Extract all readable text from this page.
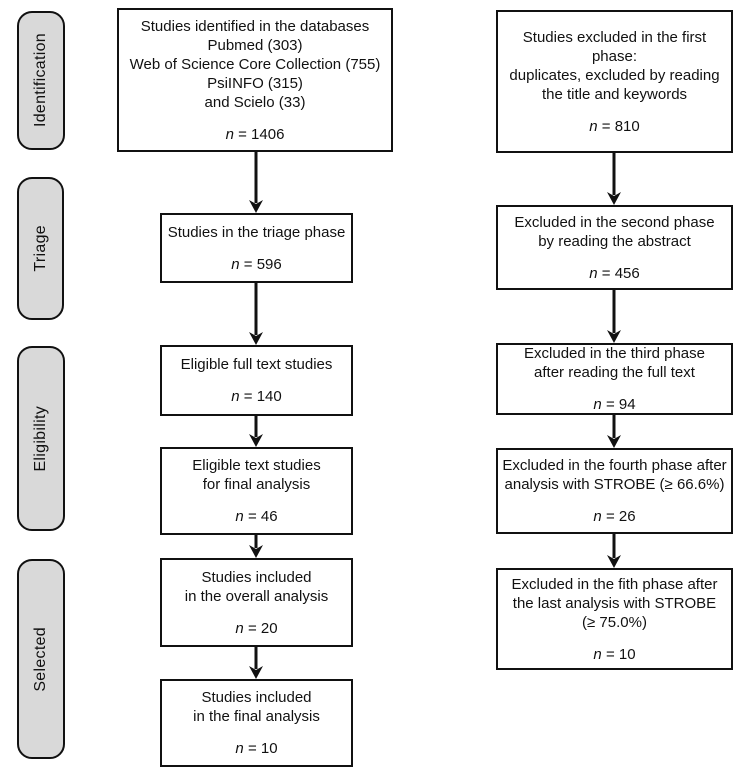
Identification
Triage
Eligibility
Selected
Studies identified in the databases
Pubmed (303)
Web of Science Core Collection (755)
PsiINFO (315)
and Scielo (33)
n = 1406
Studies in the triage phase
n = 596
Eligible full text studies
n = 140
Eligible text studies
for final analysis
n = 46
Studies included
in the overall analysis
n = 20
Studies included
in the final analysis
n = 10
Studies excluded in the first phase:
duplicates, excluded by reading
the title and keywords
n = 810
Excluded in the second phase
by reading the abstract
n = 456
Excluded in the third phase
after reading the full text
n = 94
Excluded in the fourth phase after
analysis with STROBE (≥ 66.6%)
n = 26
Excluded in the fith phase after
the last analysis with STROBE
(≥ 75.0%)
n = 10
